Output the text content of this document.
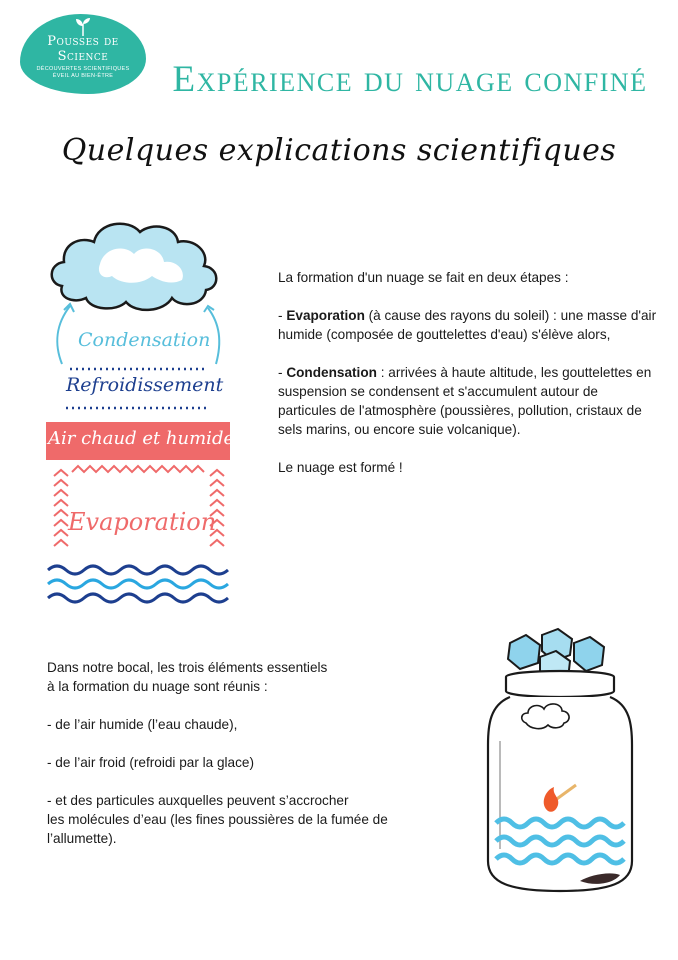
Pousses de Science
DÉCOUVERTES SCIENTIFIQUES
ÉVEIL AU BIEN-ÊTRE	Expérience du nuage confiné
Quelques explications scientifiques
Condensation
Refroidissement
Air chaud et humide
Evaporation

La formation d'un nuage se fait en deux étapes :

- Evaporation (à cause des rayons du soleil) : une masse d'air humide (composée de gouttelettes d'eau) s'élève alors,

- Condensation : arrivées à haute altitude, les gouttelettes en suspension se condensent et s'accumulent autour de particules de l'atmosphère (poussières, pollution, cristaux de sels marins, ou encore suie volcanique).

Le nuage est formé !

Dans notre bocal, les trois éléments essentiels
à la formation du nuage sont réunis :

- de l’air humide (l’eau chaude),

- de l’air froid (refroidi par la glace)

- et des particules auxquelles peuvent s’accrocher
les molécules d’eau (les fines poussières de la fumée de l’allumette).
